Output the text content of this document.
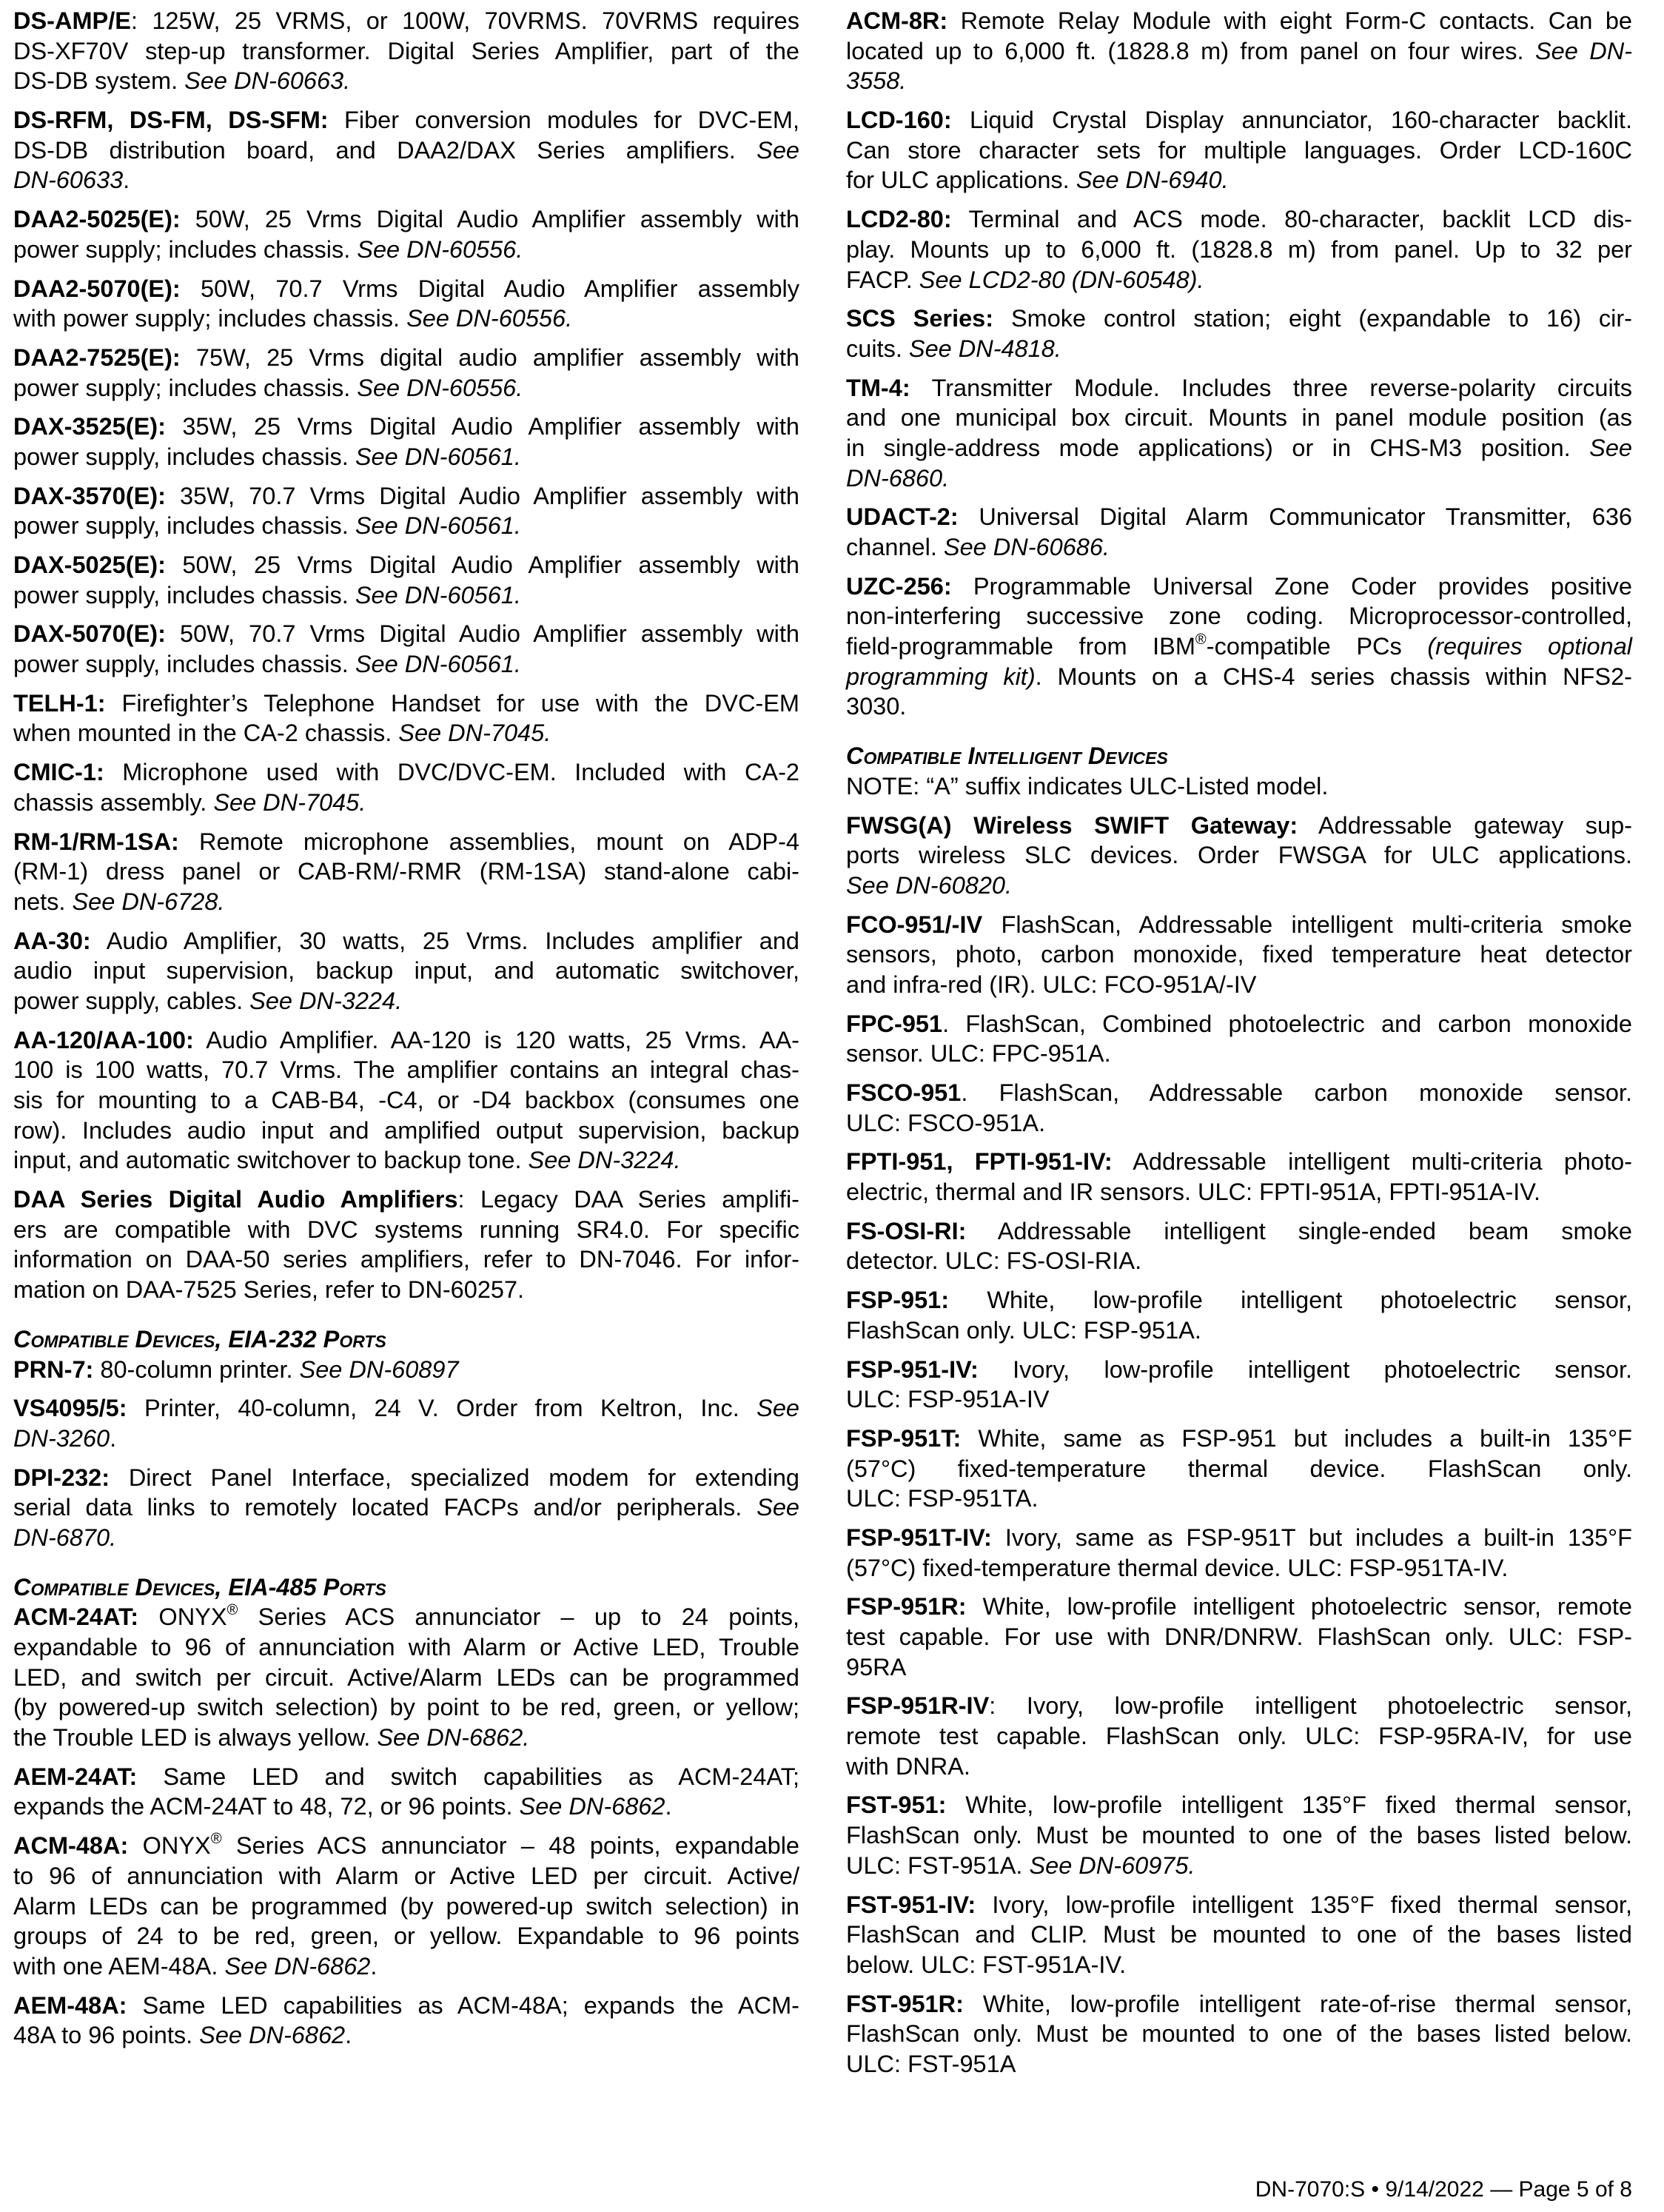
DS-AMP/E: 125W, 25 VRMS, or 100W, 70VRMS. 70VRMS requires
DS-XF70V step-up transformer. Digital Series Amplifier, part of the
DS-DB system. See DN-60663.
DS-RFM, DS-FM, DS-SFM: Fiber conversion modules for DVC-EM,
DS-DB distribution board, and DAA2/DAX Series amplifiers. See
DN-60633.
DAA2-5025(E): 50W, 25 Vrms Digital Audio Amplifier assembly with
power supply; includes chassis. See DN-60556.
DAA2-5070(E): 50W, 70.7 Vrms Digital Audio Amplifier assembly
with power supply; includes chassis. See DN-60556.
DAA2-7525(E): 75W, 25 Vrms digital audio amplifier assembly with
power supply; includes chassis. See DN-60556.
DAX-3525(E): 35W, 25 Vrms Digital Audio Amplifier assembly with
power supply, includes chassis. See DN-60561.
DAX-3570(E): 35W, 70.7 Vrms Digital Audio Amplifier assembly with
power supply, includes chassis. See DN-60561.
DAX-5025(E): 50W, 25 Vrms Digital Audio Amplifier assembly with
power supply, includes chassis. See DN-60561.
DAX-5070(E): 50W, 70.7 Vrms Digital Audio Amplifier assembly with
power supply, includes chassis. See DN-60561.
TELH-1: Firefighter’s Telephone Handset for use with the DVC-EM
when mounted in the CA-2 chassis. See DN-7045.
CMIC-1: Microphone used with DVC/DVC-EM. Included with CA-2
chassis assembly. See DN-7045.
RM-1/RM-1SA: Remote microphone assemblies, mount on ADP-4
(RM-1) dress panel or CAB-RM/-RMR (RM-1SA) stand-alone cabi-
nets. See DN-6728.
AA-30: Audio Amplifier, 30 watts, 25 Vrms. Includes amplifier and
audio input supervision, backup input, and automatic switchover,
power supply, cables. See DN-3224.
AA-120/AA-100: Audio Amplifier. AA-120 is 120 watts, 25 Vrms. AA-
100 is 100 watts, 70.7 Vrms. The amplifier contains an integral chas-
sis for mounting to a CAB-B4, -C4, or -D4 backbox (consumes one
row). Includes audio input and amplified output supervision, backup
input, and automatic switchover to backup tone. See DN-3224.
DAA Series Digital Audio Amplifiers: Legacy DAA Series amplifi-
ers are compatible with DVC systems running SR4.0. For specific
information on DAA-50 series amplifiers, refer to DN-7046. For infor-
mation on DAA-7525 Series, refer to DN-60257.
Compatible Devices, EIA-232 Ports
PRN-7: 80-column printer. See DN-60897
VS4095/5: Printer, 40-column, 24 V. Order from Keltron, Inc. See
DN-3260.
DPI-232: Direct Panel Interface, specialized modem for extending
serial data links to remotely located FACPs and/or peripherals. See
DN-6870.
Compatible Devices, EIA-485 Ports
ACM-24AT: ONYX® Series ACS annunciator – up to 24 points,
expandable to 96 of annunciation with Alarm or Active LED, Trouble
LED, and switch per circuit. Active/Alarm LEDs can be programmed
(by powered-up switch selection) by point to be red, green, or yellow;
the Trouble LED is always yellow. See DN-6862.
AEM-24AT: Same LED and switch capabilities as ACM-24AT;
expands the ACM-24AT to 48, 72, or 96 points. See DN-6862.
ACM-48A: ONYX® Series ACS annunciator – 48 points, expandable
to 96 of annunciation with Alarm or Active LED per circuit. Active/
Alarm LEDs can be programmed (by powered-up switch selection) in
groups of 24 to be red, green, or yellow. Expandable to 96 points
with one AEM-48A. See DN-6862.
AEM-48A: Same LED capabilities as ACM-48A; expands the ACM-
48A to 96 points. See DN-6862.
ACM-8R: Remote Relay Module with eight Form-C contacts. Can be
located up to 6,000 ft. (1828.8 m) from panel on four wires. See DN-
3558.
LCD-160: Liquid Crystal Display annunciator, 160-character backlit.
Can store character sets for multiple languages. Order LCD-160C
for ULC applications. See DN-6940.
LCD2-80: Terminal and ACS mode. 80-character, backlit LCD dis-
play. Mounts up to 6,000 ft. (1828.8 m) from panel. Up to 32 per
FACP. See LCD2-80 (DN-60548).
SCS Series: Smoke control station; eight (expandable to 16) cir-
cuits. See DN-4818.
TM-4: Transmitter Module. Includes three reverse-polarity circuits
and one municipal box circuit. Mounts in panel module position (as
in single-address mode applications) or in CHS-M3 position. See
DN-6860.
UDACT-2: Universal Digital Alarm Communicator Transmitter, 636
channel. See DN-60686.
UZC-256: Programmable Universal Zone Coder provides positive
non-interfering successive zone coding. Microprocessor-controlled,
field-programmable from IBM®-compatible PCs (requires optional
programming kit). Mounts on a CHS-4 series chassis within NFS2-
3030.
Compatible Intelligent Devices
NOTE: “A” suffix indicates ULC-Listed model.
FWSG(A) Wireless SWIFT Gateway: Addressable gateway sup-
ports wireless SLC devices. Order FWSGA for ULC applications.
See DN-60820.
FCO-951/-IV FlashScan, Addressable intelligent multi-criteria smoke
sensors, photo, carbon monoxide, fixed temperature heat detector
and infra-red (IR). ULC: FCO-951A/-IV
FPC-951. FlashScan, Combined photoelectric and carbon monoxide
sensor. ULC: FPC-951A.
FSCO-951. FlashScan, Addressable carbon monoxide sensor.
ULC: FSCO-951A.
FPTI-951, FPTI-951-IV: Addressable intelligent multi-criteria photo-
electric, thermal and IR sensors. ULC: FPTI-951A, FPTI-951A-IV.
FS-OSI-RI: Addressable intelligent single-ended beam smoke
detector. ULC: FS-OSI-RIA.
FSP-951: White, low-profile intelligent photoelectric sensor,
FlashScan only. ULC: FSP-951A.
FSP-951-IV: Ivory, low-profile intelligent photoelectric sensor.
ULC: FSP-951A-IV
FSP-951T: White, same as FSP-951 but includes a built-in 135°F
(57°C) fixed-temperature thermal device. FlashScan only.
ULC: FSP-951TA.
FSP-951T-IV: Ivory, same as FSP-951T but includes a built-in 135°F
(57°C) fixed-temperature thermal device. ULC: FSP-951TA-IV.
FSP-951R: White, low-profile intelligent photoelectric sensor, remote
test capable. For use with DNR/DNRW. FlashScan only. ULC: FSP-
95RA
FSP-951R-IV: Ivory, low-profile intelligent photoelectric sensor,
remote test capable. FlashScan only. ULC: FSP-95RA-IV, for use
with DNRA.
FST-951: White, low-profile intelligent 135°F fixed thermal sensor,
FlashScan only. Must be mounted to one of the bases listed below.
ULC: FST-951A. See DN-60975.
FST-951-IV: Ivory, low-profile intelligent 135°F fixed thermal sensor,
FlashScan and CLIP. Must be mounted to one of the bases listed
below. ULC: FST-951A-IV.
FST-951R: White, low-profile intelligent rate-of-rise thermal sensor,
FlashScan only. Must be mounted to one of the bases listed below.
ULC: FST-951A
DN-7070:S • 9/14/2022 — Page 5 of 8
